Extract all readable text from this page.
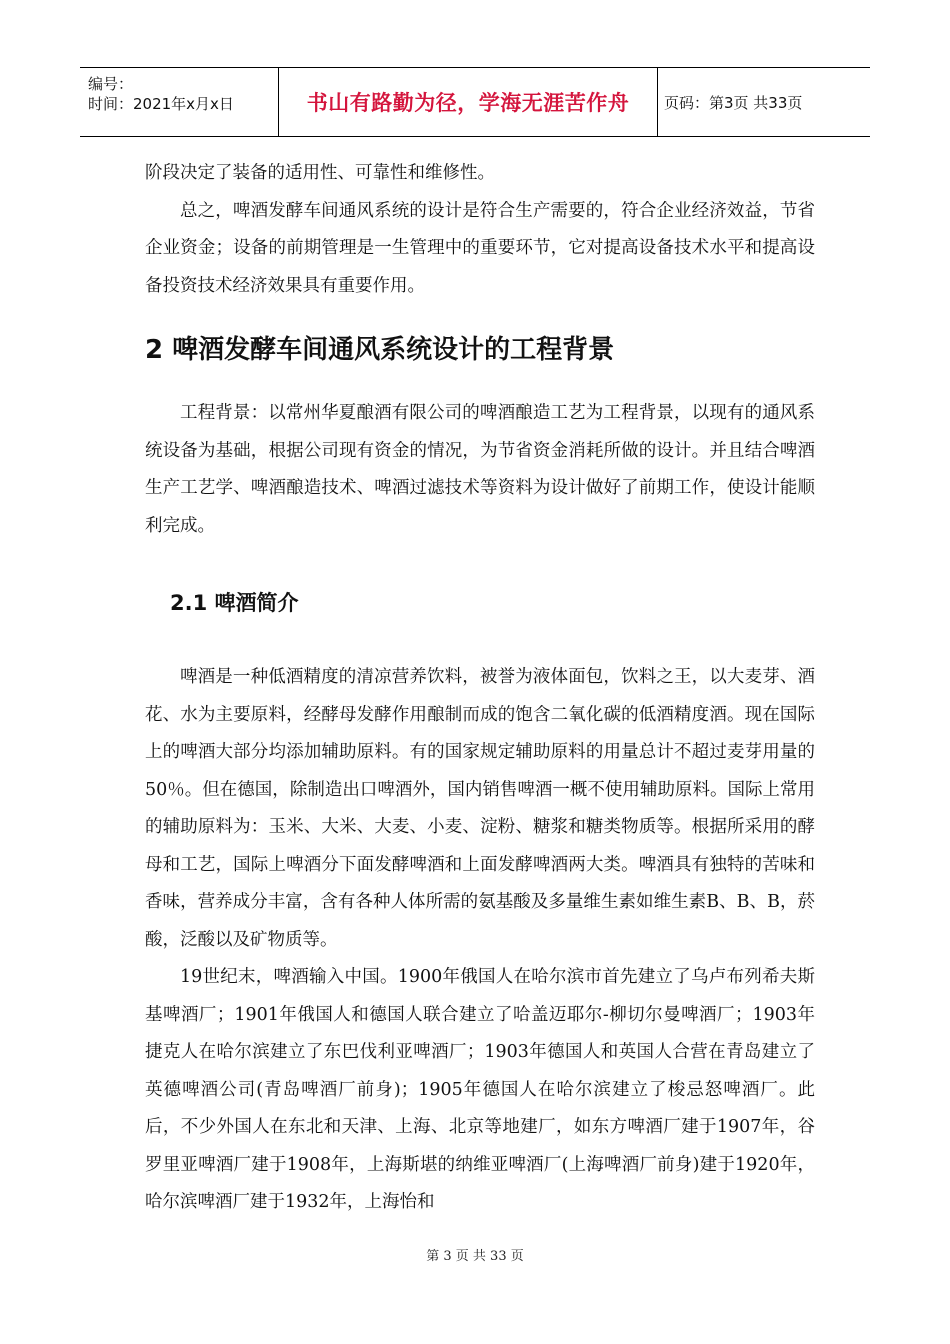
编号：
时间：2021年x月x日	书山有路勤为径，学海无涯苦作舟	页码：第3页 共33页

阶段决定了装备的适用性、可靠性和维修性。

总之，啤酒发酵车间通风系统的设计是符合生产需要的，符合企业经济效益，节省企业资金；设备的前期管理是一生管理中的重要环节，它对提高设备技术水平和提高设备投资技术经济效果具有重要作用。

2 啤酒发酵车间通风系统设计的工程背景

工程背景：以常州华夏酿酒有限公司的啤酒酿造工艺为工程背景，以现有的通风系统设备为基础，根据公司现有资金的情况，为节省资金消耗所做的设计。并且结合啤酒生产工艺学、啤酒酿造技术、啤酒过滤技术等资料为设计做好了前期工作，使设计能顺利完成。

2.1 啤酒简介

啤酒是一种低酒精度的清凉营养饮料，被誉为液体面包，饮料之王，以大麦芽、酒花、水为主要原料，经酵母发酵作用酿制而成的饱含二氧化碳的低酒精度酒。现在国际上的啤酒大部分均添加辅助原料。有的国家规定辅助原料的用量总计不超过麦芽用量的50％。但在德国，除制造出口啤酒外，国内销售啤酒一概不使用辅助原料。国际上常用的辅助原料为：玉米、大米、大麦、小麦、淀粉、糖浆和糖类物质等。根据所采用的酵母和工艺，国际上啤酒分下面发酵啤酒和上面发酵啤酒两大类。啤酒具有独特的苦味和香味，营养成分丰富，含有各种人体所需的氨基酸及多量维生素如维生素B、B、B，菸酸，泛酸以及矿物质等。

19世纪末，啤酒输入中国。1900年俄国人在哈尔滨市首先建立了乌卢布列希夫斯基啤酒厂；1901年俄国人和德国人联合建立了哈盖迈耶尔-柳切尔曼啤酒厂；1903年捷克人在哈尔滨建立了东巴伐利亚啤酒厂；1903年德国人和英国人合营在青岛建立了英德啤酒公司(青岛啤酒厂前身)；1905年德国人在哈尔滨建立了梭忌怒啤酒厂。此后，不少外国人在东北和天津、上海、北京等地建厂，如东方啤酒厂建于1907年，谷罗里亚啤酒厂建于1908年，上海斯堪的纳维亚啤酒厂(上海啤酒厂前身)建于1920年，哈尔滨啤酒厂建于1932年，上海怡和

第 3 页 共 33 页
